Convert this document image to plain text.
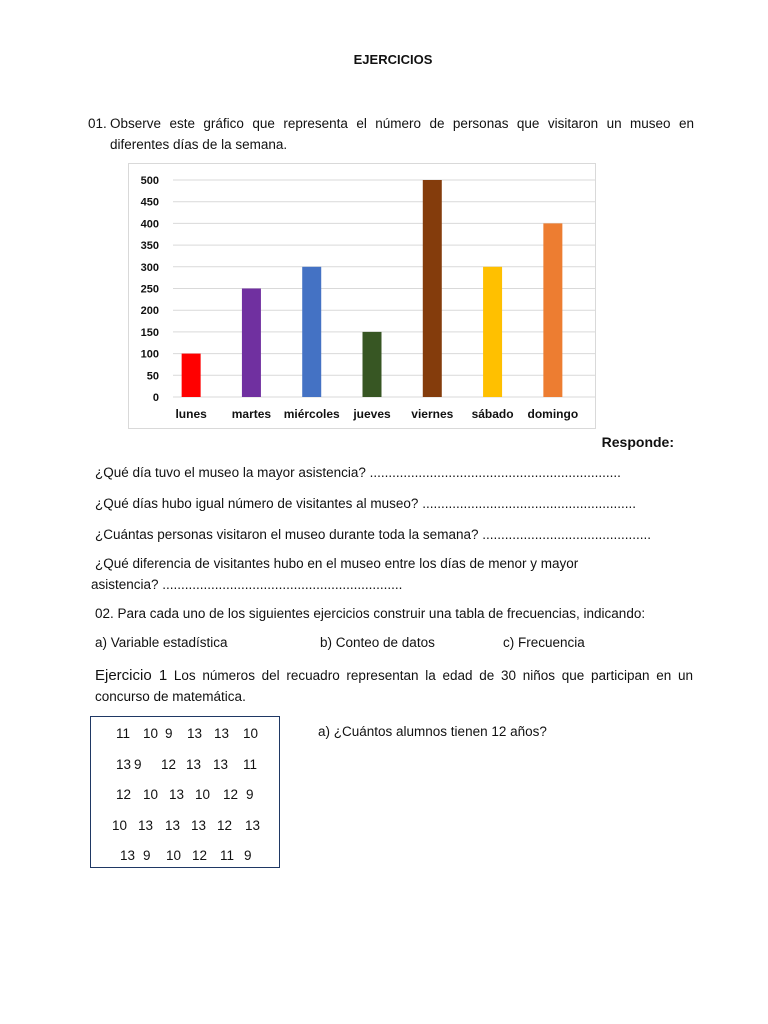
EJERCICIOS
01. Observe este gráfico que representa el número de personas que visitaron un museo en diferentes días de la semana.
0
50
100
150
200
250
300
350
400
450
500
lunes martes miércoles jueves viernes sábado domingo
Responde:
¿Qué día tuvo el museo la mayor asistencia? ...................................................................
¿Qué días hubo igual número de visitantes al museo? .........................................................
¿Cuántas personas visitaron el museo durante toda la semana? .............................................
¿Qué diferencia de visitantes hubo en el museo entre los días de menor y mayor
asistencia? ................................................................
02. Para cada uno de los siguientes ejercicios construir una tabla de frecuencias, indicando:
a) Variable estadística	b) Conteo de datos	c) Frecuencia
Ejercicio 1 Los números del recuadro representan la edad de 30 niños que participan en un concurso de matemática.
11 10 9 13 13 10
13 9 12 13 13 11
12 10 13 10 12 9
10 13 13 13 12 13
13 9 10 12 11 9
a) ¿Cuántos alumnos tienen 12 años?
